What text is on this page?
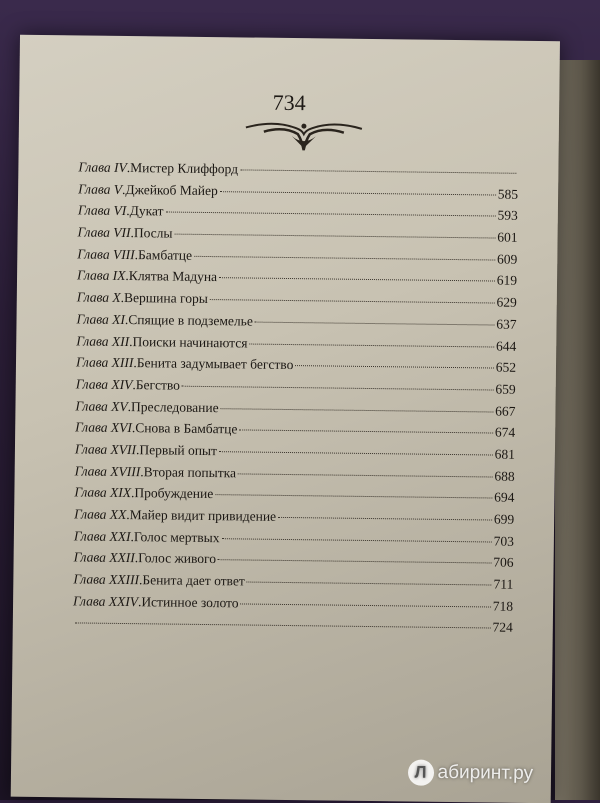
734
Глава IV . Мистер Клиффорд
Глава V . Джейкоб Майер	585
Глава VI . Дукат	593
Глава VII . Послы	601
Глава VIII . Бамбатце	609
Глава IX . Клятва Мадуна	619
Глава X . Вершина горы	629
Глава XI . Спящие в подземелье	637
Глава XII . Поиски начинаются	644
Глава XIII . Бенита задумывает бегство	652
Глава XIV . Бегство	659
Глава XV . Преследование	667
Глава XVI . Снова в Бамбатце	674
Глава XVII . Первый опыт	681
Глава XVIII . Вторая попытка	688
Глава XIX . Пробуждение	694
Глава XX . Майер видит привидение	699
Глава XXI . Голос мертвых	703
Глава XXII . Голос живого	706
Глава XXIII . Бенита дает ответ	711
Глава XXIV . Истинное золото	718
724
Л абиринт.ру
